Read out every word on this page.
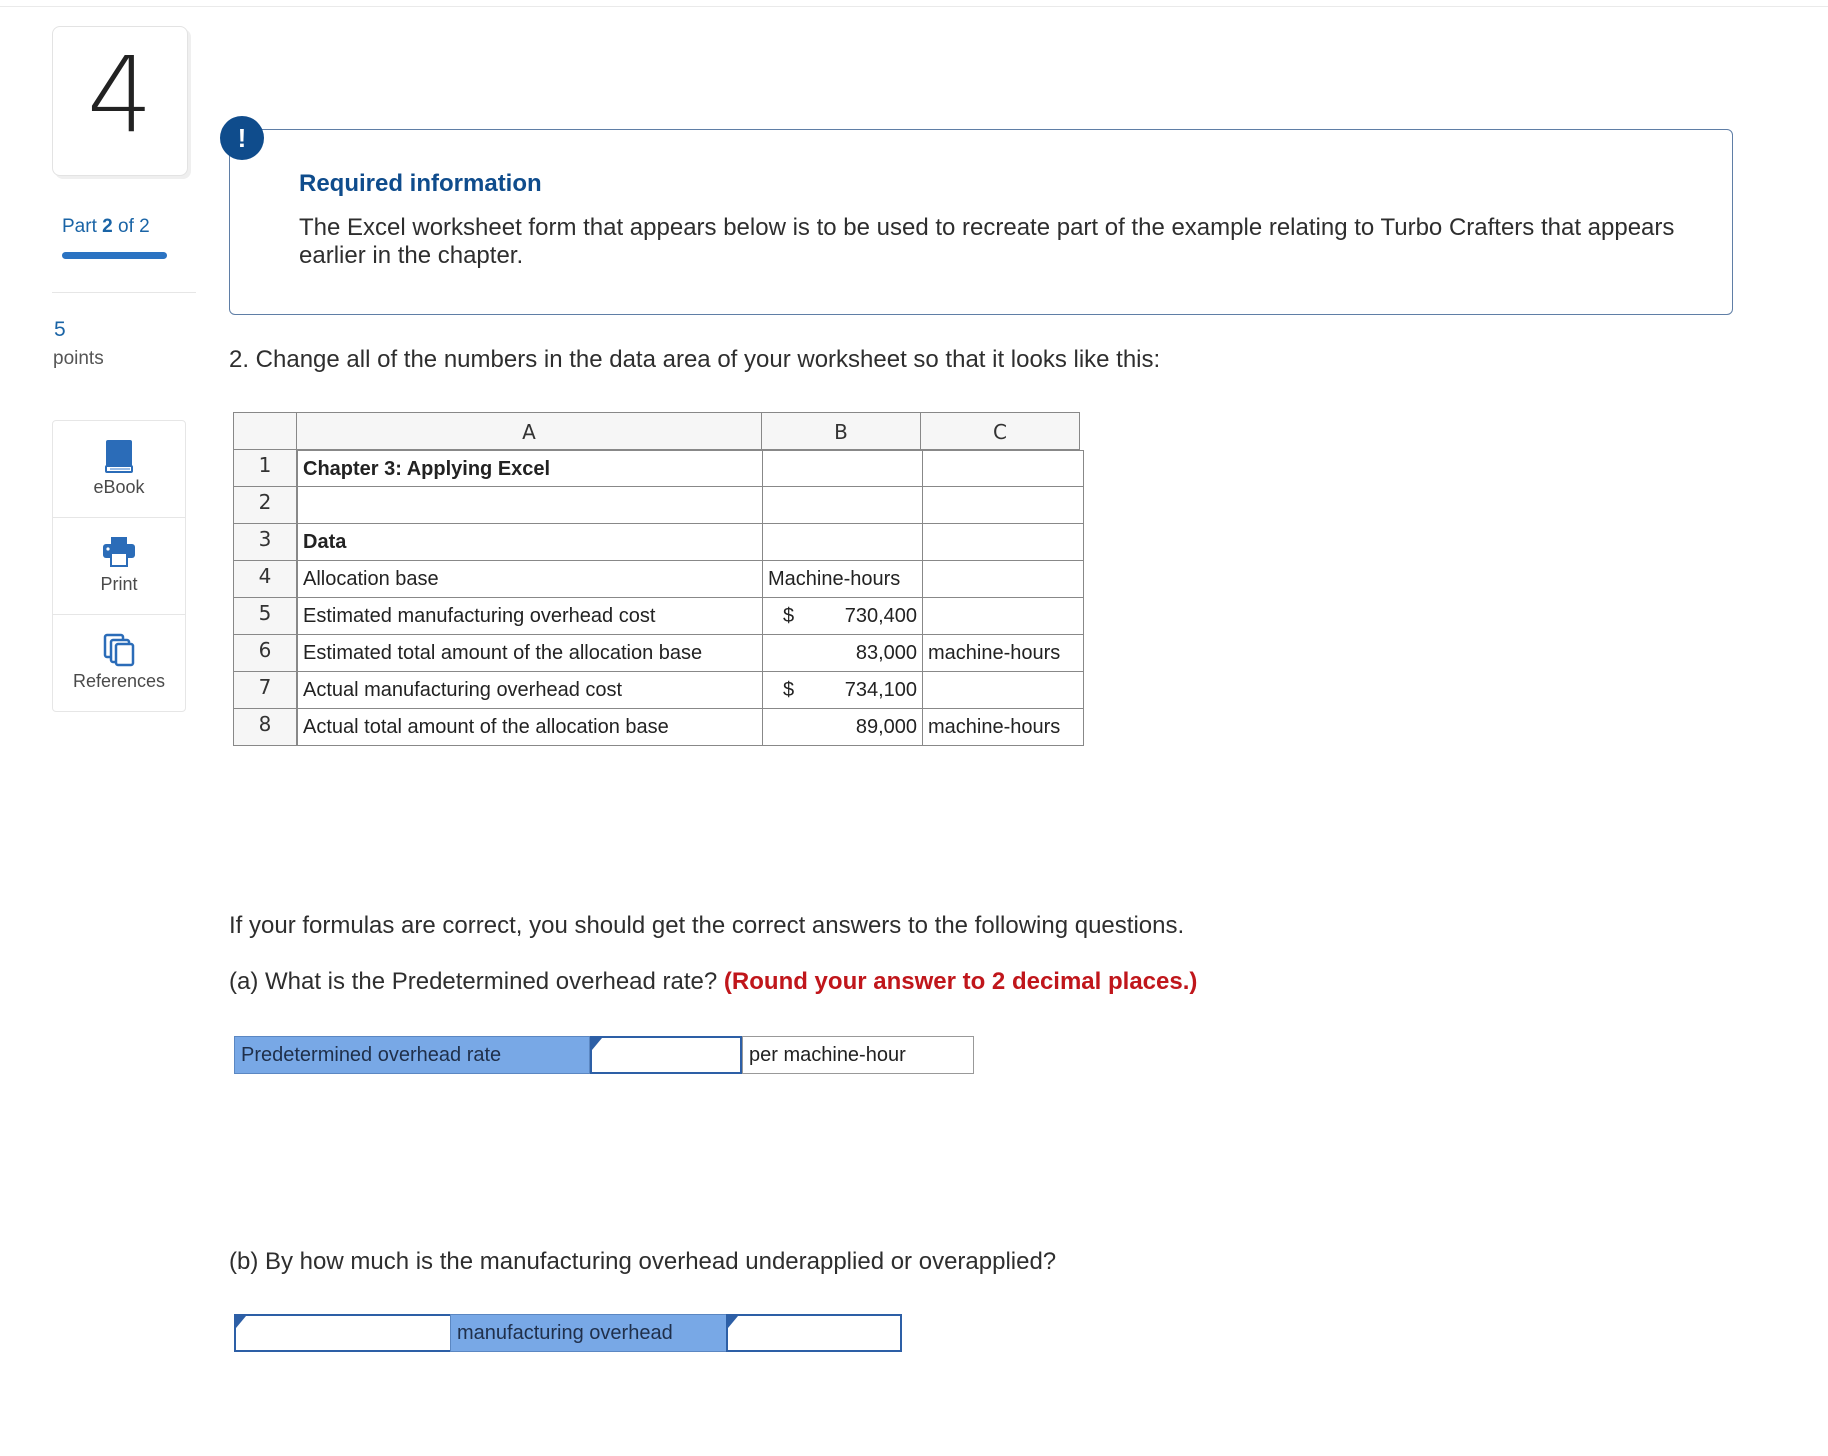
4
Part 2 of 2
5
points
eBook
Print
References
Required information
The Excel worksheet form that appears below is to be used to recreate part of the example relating to Turbo Crafters that appears earlier in the chapter.
!
2. Change all of the numbers in the data area of your worksheet so that it looks like this:
A	B	C
1	Chapter 3: Applying Excel
2
3	Data
4	Allocation base	Machine-hours
5	Estimated manufacturing overhead cost	$	730,400
6	Estimated total amount of the allocation base	83,000 machine-hours
7	Actual manufacturing overhead cost	$	734,100
8	Actual total amount of the allocation base	89,000 machine-hours
If your formulas are correct, you should get the correct answers to the following questions.
(a) What is the Predetermined overhead rate? (Round your answer to 2 decimal places.)
Predetermined overhead rate	per machine-hour
(b) By how much is the manufacturing overhead underapplied or overapplied?
manufacturing overhead
